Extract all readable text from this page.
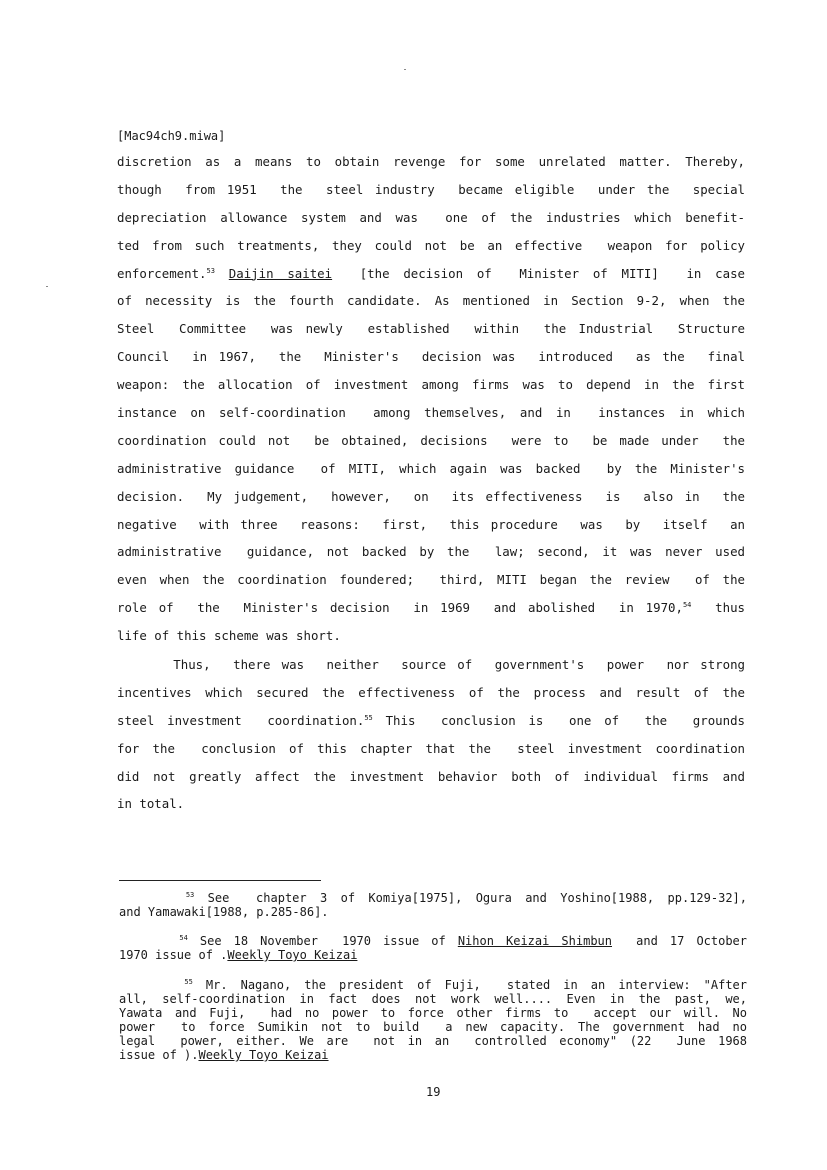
[Mac94ch9.miwa]
discretion as a means to obtain revenge for some unrelated matter. Thereby,
though  from 1951  the  steel industry  became eligible  under the  special
depreciation allowance system and was  one of the industries which benefit-
ted from such treatments, they could not be an effective  weapon for policy
enforcement.$^{53}$ Daijin saitei  [the decision of  Minister of MITI]  in case
of necessity is the fourth candidate. As mentioned in Section 9-2, when the
Steel  Committee  was newly  established  within  the Industrial  Structure
Council  in 1967,  the  Minister's  decision was  introduced  as the  final
weapon: the allocation of investment among firms was to depend in the first
instance on self-coordination  among themselves, and in  instances in which
coordination could not  be obtained, decisions  were to  be made under  the
administrative guidance  of MITI, which again was backed  by the Minister's
decision.  My judgement,  however,  on  its effectiveness  is  also in  the
negative  with three  reasons:  first,  this procedure  was  by  itself  an
administrative  guidance, not backed by the  law; second, it was never used
even when the coordination foundered;  third, MITI began the review  of the
role of  the  Minister's decision  in 1969  and abolished  in 1970,54  thus
life of this scheme was short.
Thus,  there was  neither  source of  government's  power  nor strong
incentives which secured the effectiveness of the process and result of the
steel investment  coordination.$^{55}$ This  conclusion is  one of  the  grounds
for the  conclusion of this chapter that the  steel investment coordination
did not greatly affect the investment behavior both of individual firms and
in total.
$^{53}$ See  chapter 3 of Komiya[1975], Ogura and Yoshino[1988, pp.129-32],
and Yamawaki[1988, p.285-86].
$^{54}$ See 18 November  1970 issue of Nihon Keizai Shimbun  and 17 October
1970 issue of .Weekly Toyo Keizai
$^{55}$ Mr. Nagano, the president of Fuji,  stated in an interview: "After
all, self-coordination in fact does not work well.... Even in the past, we,
Yawata and Fuji,  had no power to force other firms to  accept our will. No
power  to force Sumikin not to build  a new capacity. The government had no
legal  power, either. We are  not in an  controlled economy" (22  June 1968
issue of ).Weekly Toyo Keizai
19
